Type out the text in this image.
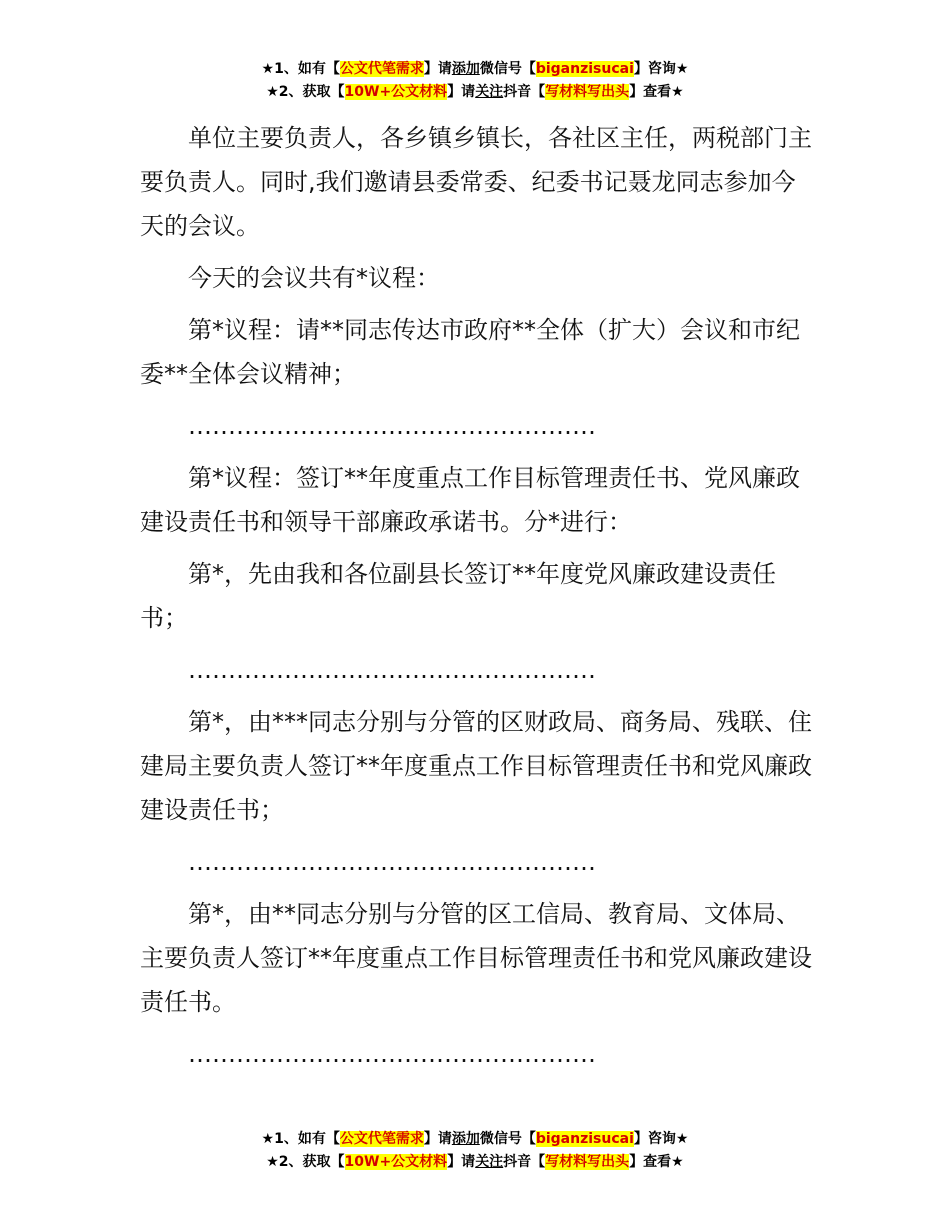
★1、如有【公文代笔需求】请添加微信号【biganzisucai】咨询★
★2、获取【10W+公文材料】请关注抖音【写材料写出头】查看★

单位主要负责人，各乡镇乡镇长，各社区主任，两税部门主要负责人。同时,我们邀请县委常委、纪委书记聂龙同志参加今天的会议。

今天的会议共有*议程：

第*议程：请**同志传达市政府**全体（扩大）会议和市纪委**全体会议精神；

……………………………………………

第*议程：签订**年度重点工作目标管理责任书、党风廉政建设责任书和领导干部廉政承诺书。分*进行：

第*，先由我和各位副县长签订**年度党风廉政建设责任书；

……………………………………………

第*，由***同志分别与分管的区财政局、商务局、残联、住建局主要负责人签订**年度重点工作目标管理责任书和党风廉政建设责任书；

……………………………………………

第*，由**同志分别与分管的区工信局、教育局、文体局、主要负责人签订**年度重点工作目标管理责任书和党风廉政建设责任书。

……………………………………………

★1、如有【公文代笔需求】请添加微信号【biganzisucai】咨询★
★2、获取【10W+公文材料】请关注抖音【写材料写出头】查看★
